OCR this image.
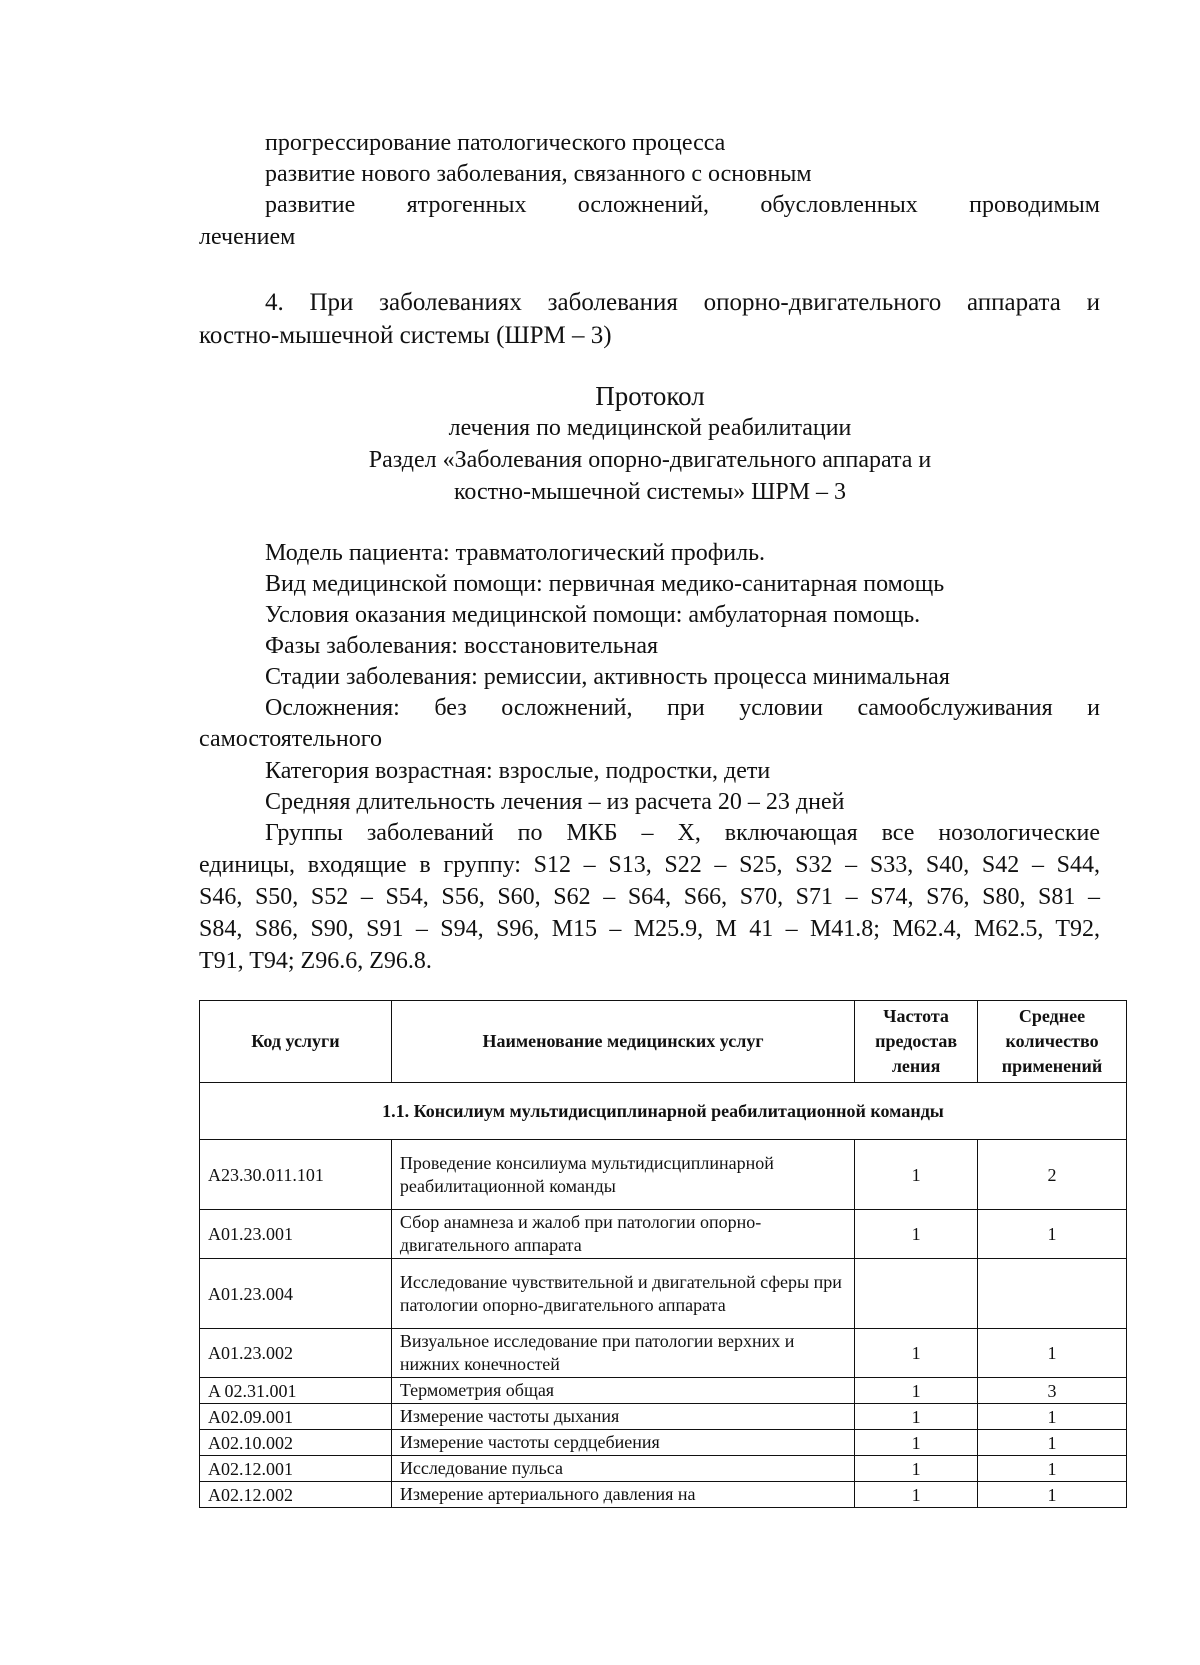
прогрессирование патологического процесса
развитие нового заболевания, связанного с основным
развитие ятрогенных осложнений, обусловленных проводимым
лечением
4. При заболеваниях заболевания опорно-двигательного аппарата и
костно-мышечной системы (ШРМ – 3)
Протокол
лечения по медицинской реабилитации
Раздел «Заболевания опорно-двигательного аппарата и
костно-мышечной системы» ШРМ – 3
Модель пациента: травматологический профиль.
Вид медицинской помощи: первичная медико-санитарная помощь
Условия оказания медицинской помощи: амбулаторная помощь.
Фазы заболевания: восстановительная
Стадии заболевания: ремиссии, активность процесса минимальная
Осложнения: без осложнений, при условии самообслуживания и
самостоятельного
Категория возрастная: взрослые, подростки, дети
Средняя длительность лечения – из расчета 20 – 23 дней
Группы заболеваний по МКБ – X, включающая все нозологические
единицы, входящие в группу: S12 – S13, S22 – S25, S32 – S33, S40, S42 – S44,
S46, S50, S52 – S54, S56, S60, S62 – S64, S66, S70, S71 – S74, S76, S80, S81 –
S84, S86, S90, S91 – S94, S96, M15 – M25.9, M 41 – M41.8; M62.4, M62.5, T92,
T91, T94; Z96.6, Z96.8.
Код услуги	Наименование медицинских услуг	Частота предостав ления	Среднее количество применений
1.1. Консилиум мультидисциплинарной реабилитационной команды			
A23.30.011.101	Проведение консилиума мультидисциплинарной реабилитационной команды	1	2
A01.23.001	Сбор анамнеза и жалоб при патологии опорно-двигательного аппарата	1	1
A01.23.004	Исследование чувствительной и двигательной сферы при патологии опорно-двигательного аппарата		
A01.23.002	Визуальное исследование при патологии верхних и нижних конечностей	1	1
A 02.31.001	Термометрия общая	1	3
A02.09.001	Измерение частоты дыхания	1	1
A02.10.002	Измерение частоты сердцебиения	1	1
A02.12.001	Исследование пульса	1	1
A02.12.002	Измерение артериального давления на	1	1
